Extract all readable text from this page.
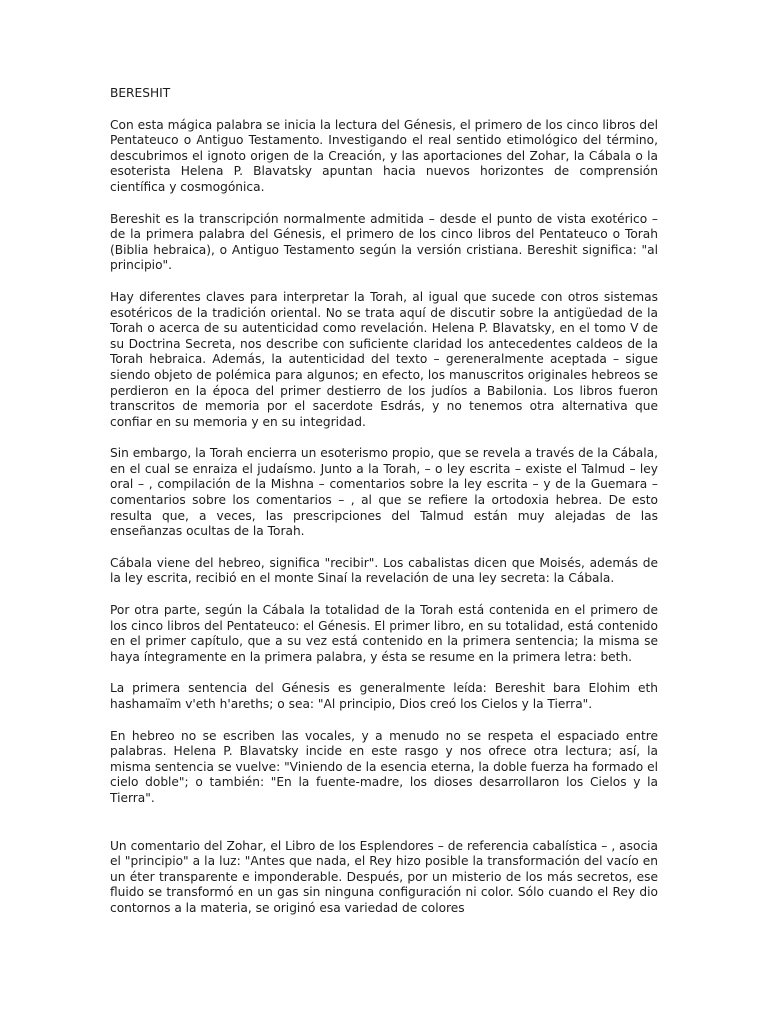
BERESHIT

Con esta mágica palabra se inicia la lectura del Génesis, el primero de los cinco libros del Pentateuco o Antiguo Testamento. Investigando el real sentido etimológico del término, descubrimos el ignoto origen de la Creación, y las aportaciones del Zohar, la Cábala o la esoterista Helena P. Blavatsky apuntan hacia nuevos horizontes de comprensión científica y cosmogónica.

Bereshit es la transcripción normalmente admitida – desde el punto de vista exotérico – de la primera palabra del Génesis, el primero de los cinco libros del Pentateuco o Torah (Biblia hebraica), o Antiguo Testamento según la versión cristiana. Bereshit significa: "al principio".

Hay diferentes claves para interpretar la Torah, al igual que sucede con otros sistemas esotéricos de la tradición oriental. No se trata aquí de discutir sobre la antigüedad de la Torah o acerca de su autenticidad como revelación. Helena P. Blavatsky, en el tomo V de su Doctrina Secreta, nos describe con suficiente claridad los antecedentes caldeos de la Torah hebraica. Además, la autenticidad del texto – gereneralmente aceptada – sigue siendo objeto de polémica para algunos; en efecto, los manuscritos originales hebreos se perdieron en la época del primer destierro de los judíos a Babilonia. Los libros fueron transcritos de memoria por el sacerdote Esdrás, y no tenemos otra alternativa que confiar en su memoria y en su integridad.

Sin embargo, la Torah encierra un esoterismo propio, que se revela a través de la Cábala, en el cual se enraiza el judaísmo. Junto a la Torah, – o ley escrita – existe el Talmud – ley oral – , compilación de la Mishna – comentarios sobre la ley escrita – y de la Guemara – comentarios sobre los comentarios – , al que se refiere la ortodoxia hebrea. De esto resulta que, a veces, las prescripciones del Talmud están muy alejadas de las enseñanzas ocultas de la Torah.

Cábala viene del hebreo, significa "recibir". Los cabalistas dicen que Moisés, además de la ley escrita, recibió en el monte Sinaí la revelación de una ley secreta: la Cábala.

Por otra parte, según la Cábala la totalidad de la Torah está contenida en el primero de los cinco libros del Pentateuco: el Génesis. El primer libro, en su totalidad, está contenido en el primer capítulo, que a su vez está contenido en la primera sentencia; la misma se haya íntegramente en la primera palabra, y ésta se resume en la primera letra: beth.

La primera sentencia del Génesis es generalmente leída: Bereshit bara Elohim eth hashamaïm v'eth h'areths; o sea: "Al principio, Dios creó los Cielos y la Tierra".

En hebreo no se escriben las vocales, y a menudo no se respeta el espaciado entre palabras. Helena P. Blavatsky incide en este rasgo y nos ofrece otra lectura; así, la misma sentencia se vuelve: "Viniendo de la esencia eterna, la doble fuerza ha formado el cielo doble"; o también: "En la fuente-madre, los dioses desarrollaron los Cielos y la Tierra".

Un comentario del Zohar, el Libro de los Esplendores – de referencia cabalística – , asocia el "principio" a la luz: "Antes que nada, el Rey hizo posible la transformación del vacío en un éter transparente e imponderable. Después, por un misterio de los más secretos, ese fluido se transformó en un gas sin ninguna configuración ni color. Sólo cuando el Rey dio contornos a la materia, se originó esa variedad de colores
